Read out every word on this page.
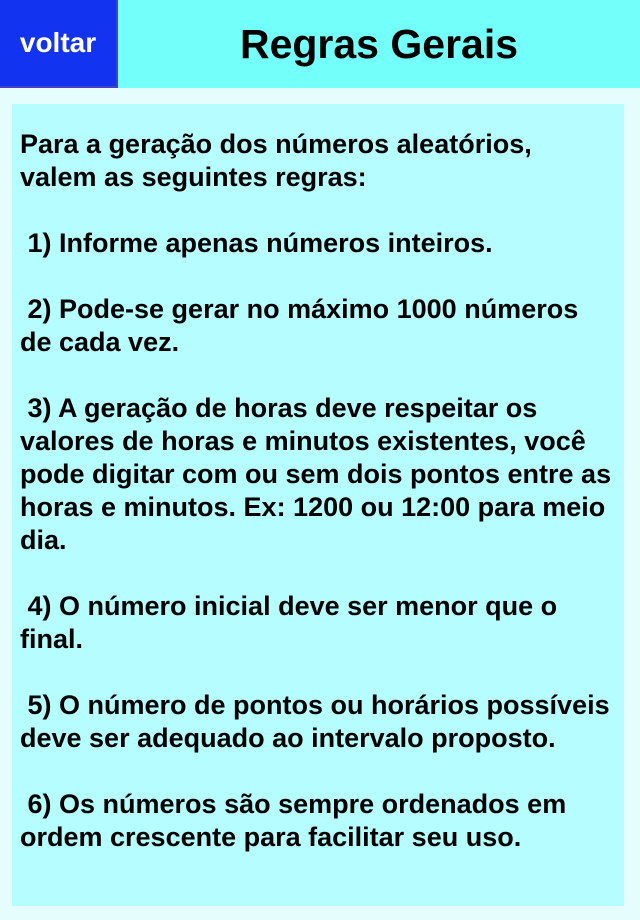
voltar	Regras Gerais

Para a geração dos números aleatórios, valem as seguintes regras:

1) Informe apenas números inteiros.

2) Pode-se gerar no máximo 1000 números de cada vez.

3) A geração de horas deve respeitar os valores de horas e minutos existentes, você pode digitar com ou sem dois pontos entre as horas e minutos. Ex: 1200 ou 12:00 para meio dia.

4) O número inicial deve ser menor que o final.

5) O número de pontos ou horários possíveis deve ser adequado ao intervalo proposto.

6) Os números são sempre ordenados em ordem crescente para facilitar seu uso.
